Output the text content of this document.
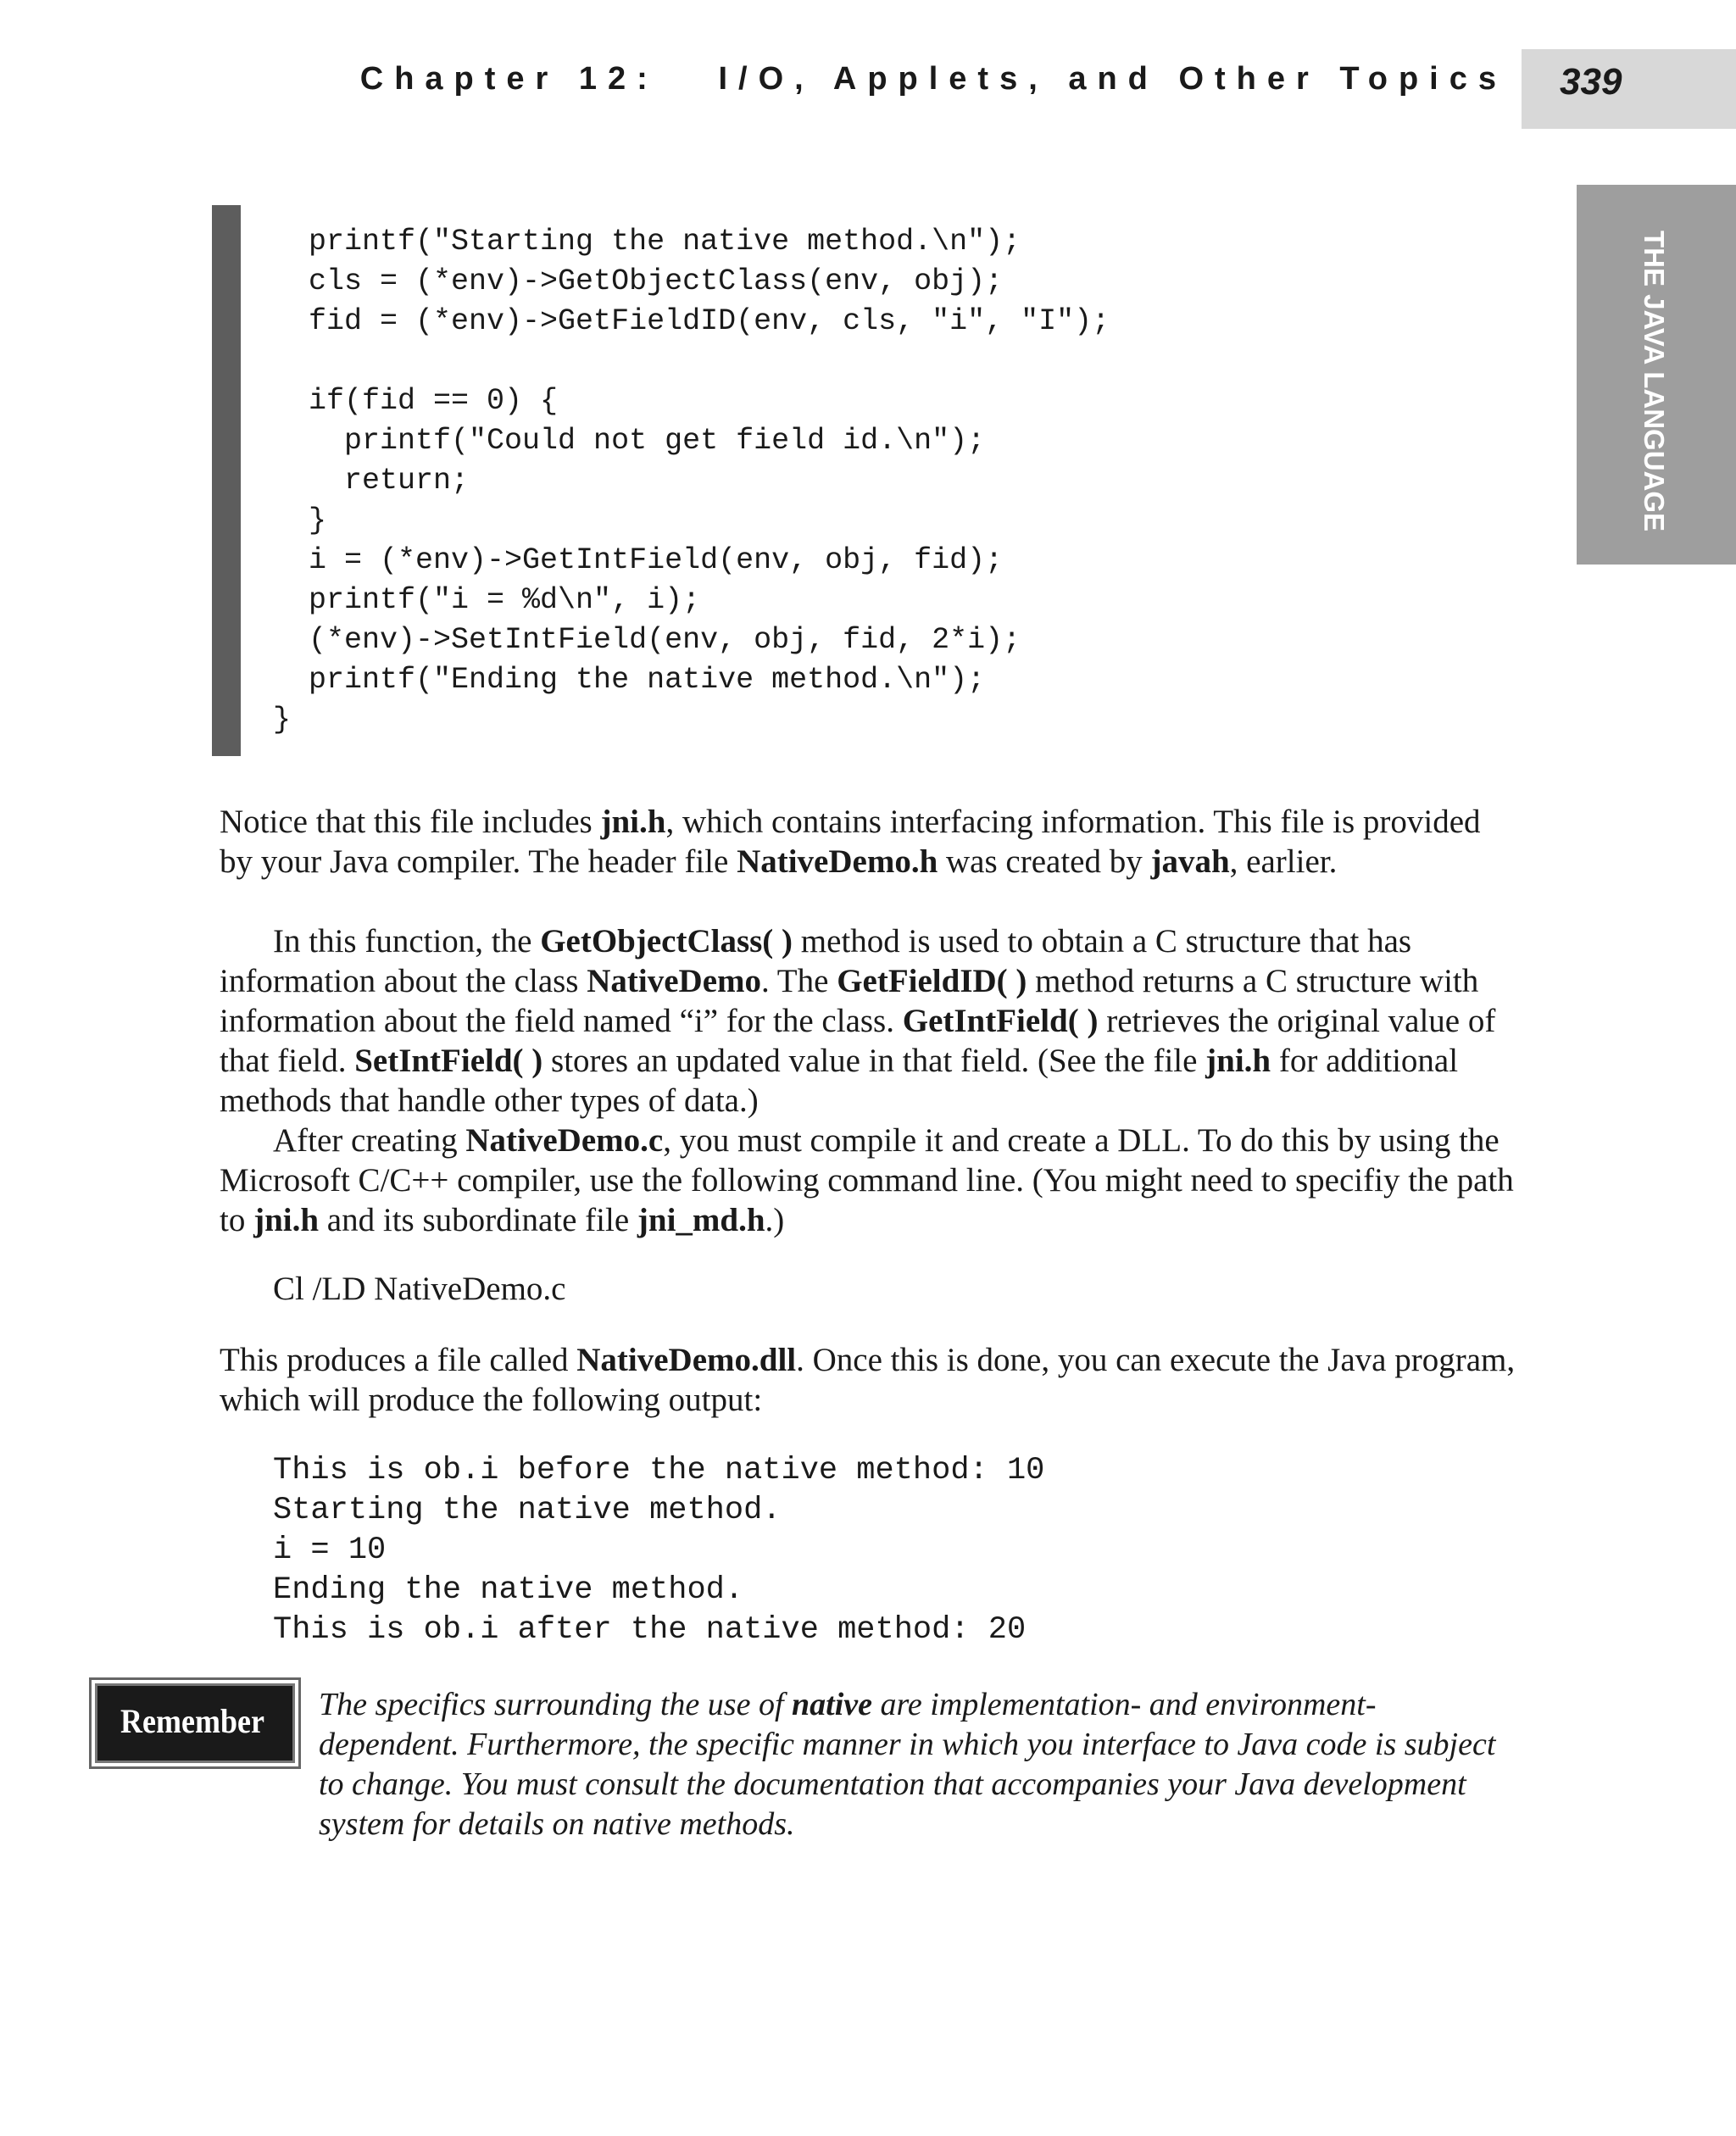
Chapter 12:   I/O, Applets, and Other Topics 339
THE JAVA LANGUAGE
printf("Starting the native method.\n");
cls = (*env)->GetObjectClass(env, obj);
fid = (*env)->GetFieldID(env, cls, "i", "I");

if(fid == 0) {
printf("Could not get field id.\n");
return;
}
i = (*env)->GetIntField(env, obj, fid);
printf("i = %d\n", i);
(*env)->SetIntField(env, obj, fid, 2*i);
printf("Ending the native method.\n");
}

Notice that this file includes jni.h, which contains interfacing information. This file is provided by your Java compiler. The header file NativeDemo.h was created by javah, earlier.

In this function, the GetObjectClass( ) method is used to obtain a C structure that has information about the class NativeDemo. The GetFieldID( ) method returns a C structure with information about the field named “i” for the class. GetIntField( ) retrieves the original value of that field. SetIntField( ) stores an updated value in that field. (See the file jni.h for additional methods that handle other types of data.)

After creating NativeDemo.c, you must compile it and create a DLL. To do this by using the Microsoft C/C++ compiler, use the following command line. (You might need to specifiy the path to jni.h and its subordinate file jni_md.h.)

Cl /LD NativeDemo.c

This produces a file called NativeDemo.dll. Once this is done, you can execute the Java program, which will produce the following output:

This is ob.i before the native method: 10
Starting the native method.
i = 10
Ending the native method.
This is ob.i after the native method: 20
Remember	The specifics surrounding the use of native are implementation- and environment-dependent. Furthermore, the specific manner in which you interface to Java code is subject to change. You must consult the documentation that accompanies your Java development system for details on native methods.
